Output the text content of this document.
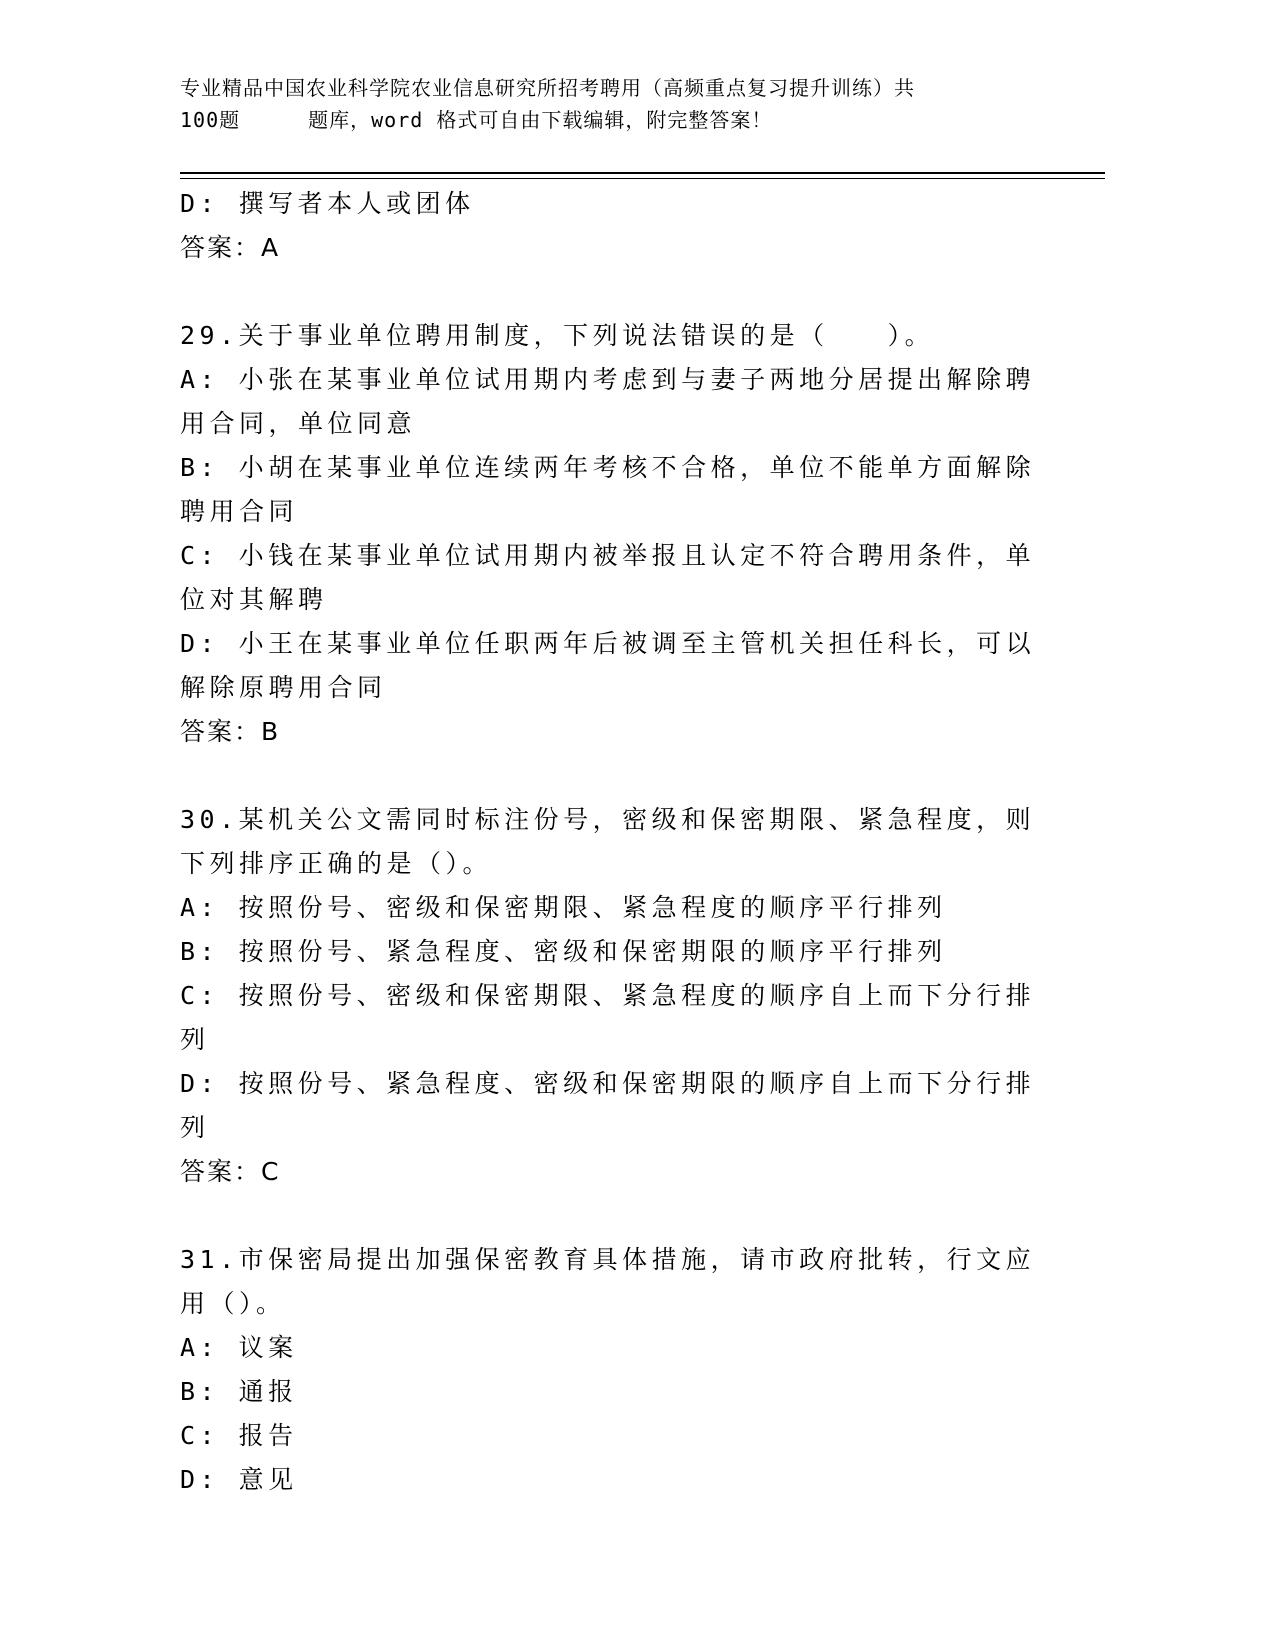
专业精品中国农业科学院农业信息研究所招考聘用（高频重点复习提升训练）共
100题	题库，word 格式可自由下载编辑，附完整答案！

D: 撰写者本人或团体

答案：A

29.关于事业单位聘用制度，下列说法错误的是（　　）。

A: 小张在某事业单位试用期内考虑到与妻子两地分居提出解除聘用合同，单位同意

B: 小胡在某事业单位连续两年考核不合格，单位不能单方面解除聘用合同

C: 小钱在某事业单位试用期内被举报且认定不符合聘用条件，单位对其解聘

D: 小王在某事业单位任职两年后被调至主管机关担任科长，可以解除原聘用合同

答案：B

30.某机关公文需同时标注份号，密级和保密期限、紧急程度，则下列排序正确的是（）。

A: 按照份号、密级和保密期限、紧急程度的顺序平行排列

B: 按照份号、紧急程度、密级和保密期限的顺序平行排列

C: 按照份号、密级和保密期限、紧急程度的顺序自上而下分行排列

D: 按照份号、紧急程度、密级和保密期限的顺序自上而下分行排列

答案：C

31.市保密局提出加强保密教育具体措施，请市政府批转，行文应用（）。

A: 议案

B: 通报

C: 报告

D: 意见
